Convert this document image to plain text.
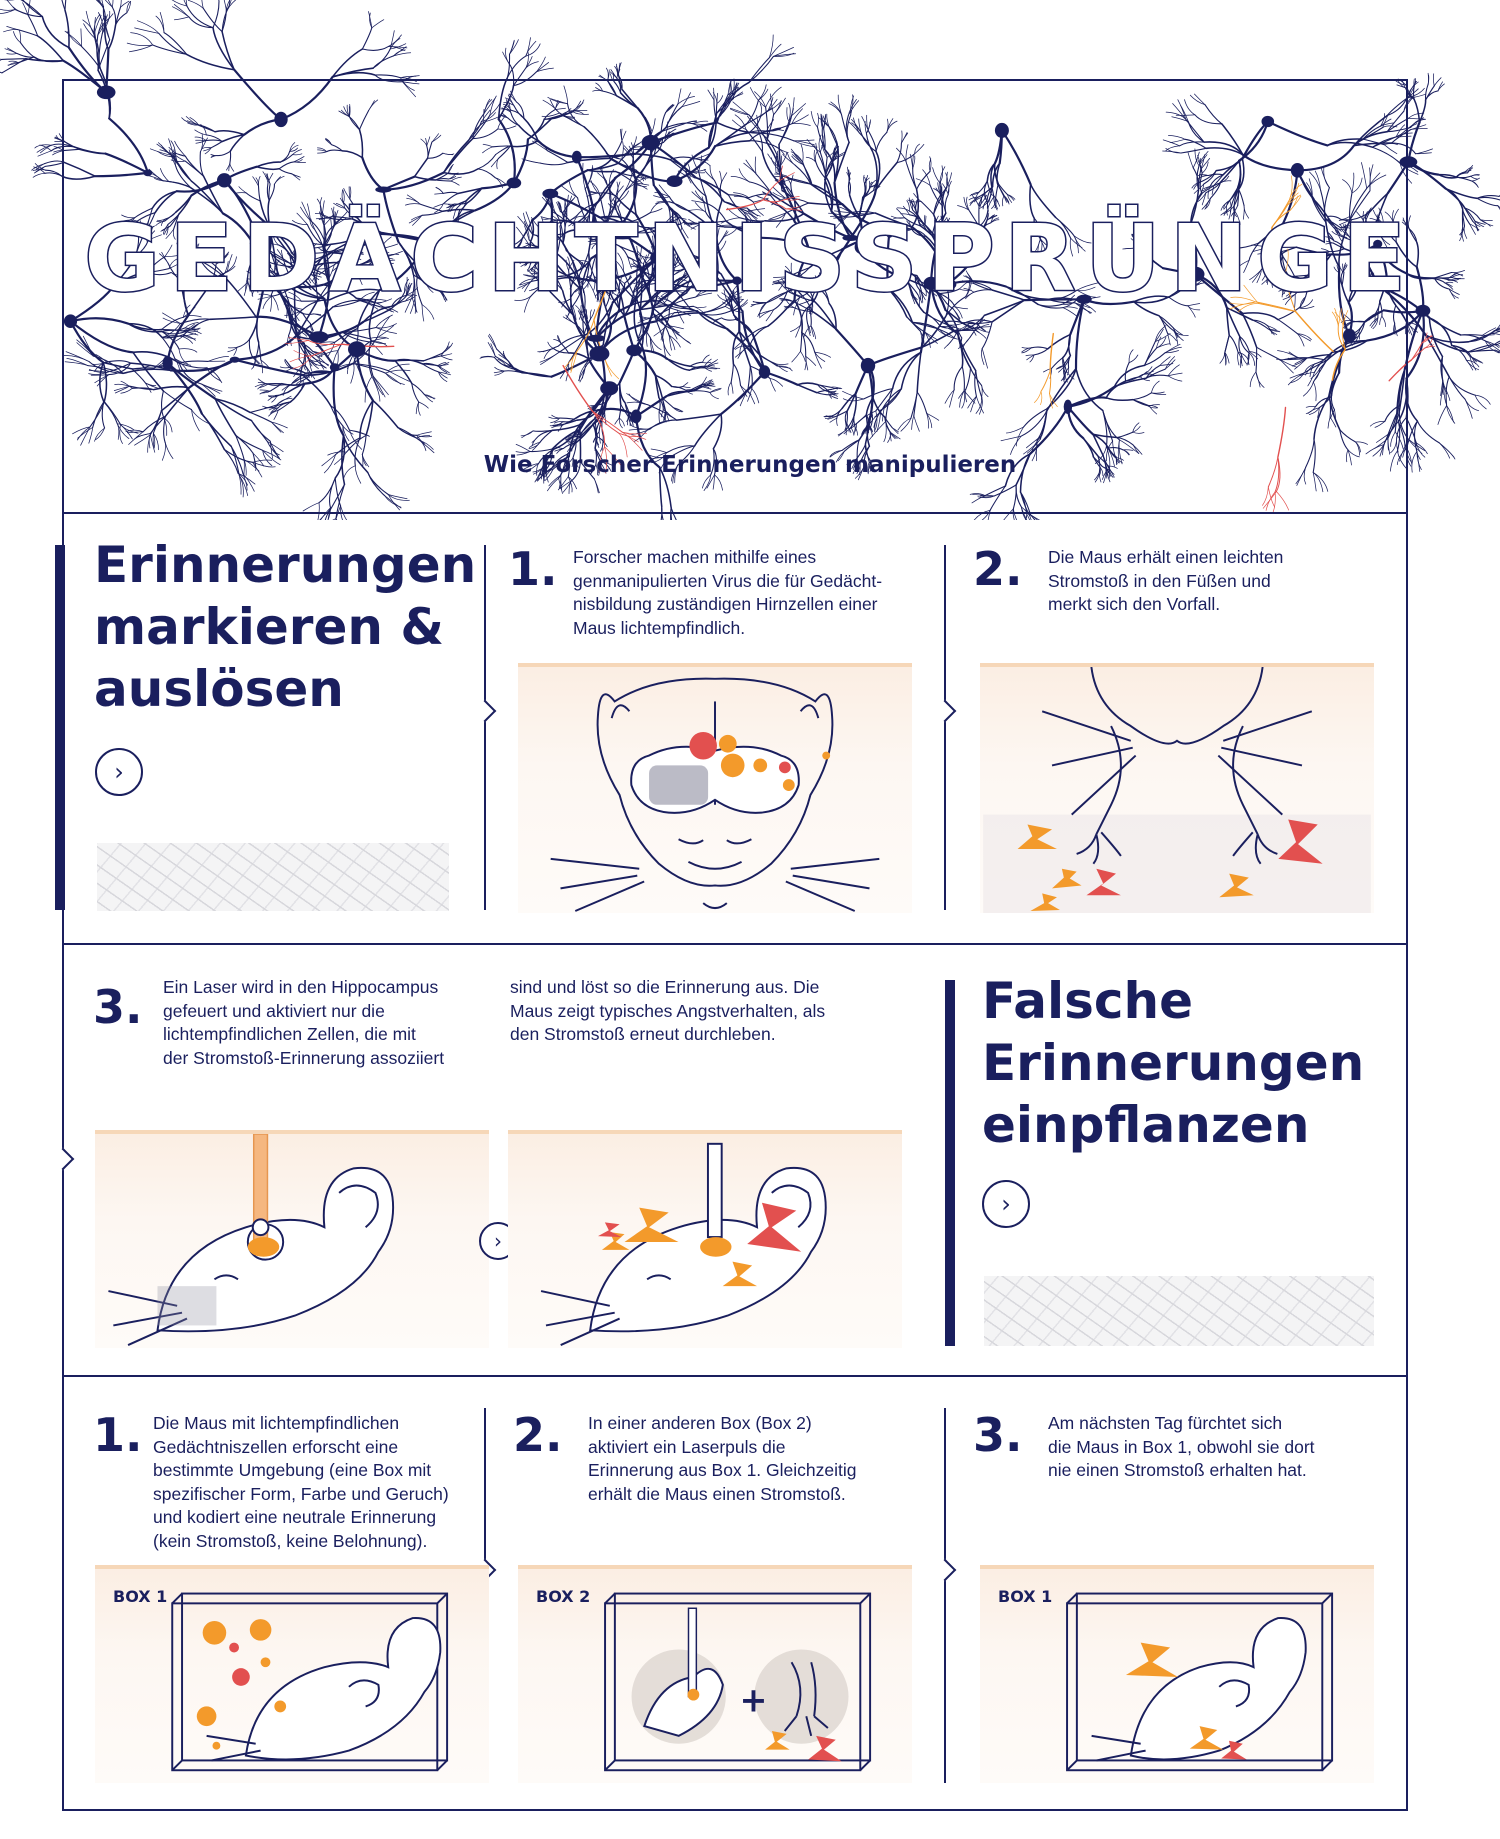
GEDÄCHTNISSPRÜNGE
Wie Forscher Erinnerungen manipulieren
Erinnerungen
markieren &
auslösen
›
1. Forscher machen mithilfe eines
genmanipulierten Virus die für Gedächt-
nisbildung zuständigen Hirnzellen einer
Maus lichtempfindlich.
2. Die Maus erhält einen leichten
Stromstoß in den Füßen und
merkt sich den Vorfall.
3. Ein Laser wird in den Hippocampus
gefeuert und aktiviert nur die
lichtempfindlichen Zellen, die mit
der Stromstoß-Erinnerung assoziiert
sind und löst so die Erinnerung aus. Die
Maus zeigt typisches Angstverhalten, als
den Stromstoß erneut durchleben.
›
Falsche
Erinnerungen
einpflanzen
›
1. Die Maus mit lichtempfindlichen
Gedächtniszellen erforscht eine
bestimmte Umgebung (eine Box mit
spezifischer Form, Farbe und Geruch)
und kodiert eine neutrale Erinnerung
(kein Stromstoß, keine Belohnung).
BOX 1
2. In einer anderen Box (Box 2)
aktiviert ein Laserpuls die
Erinnerung aus Box 1. Gleichzeitig
erhält die Maus einen Stromstoß.
BOX 2
+
3. Am nächsten Tag fürchtet sich
die Maus in Box 1, obwohl sie dort
nie einen Stromstoß erhalten hat.
BOX 1
